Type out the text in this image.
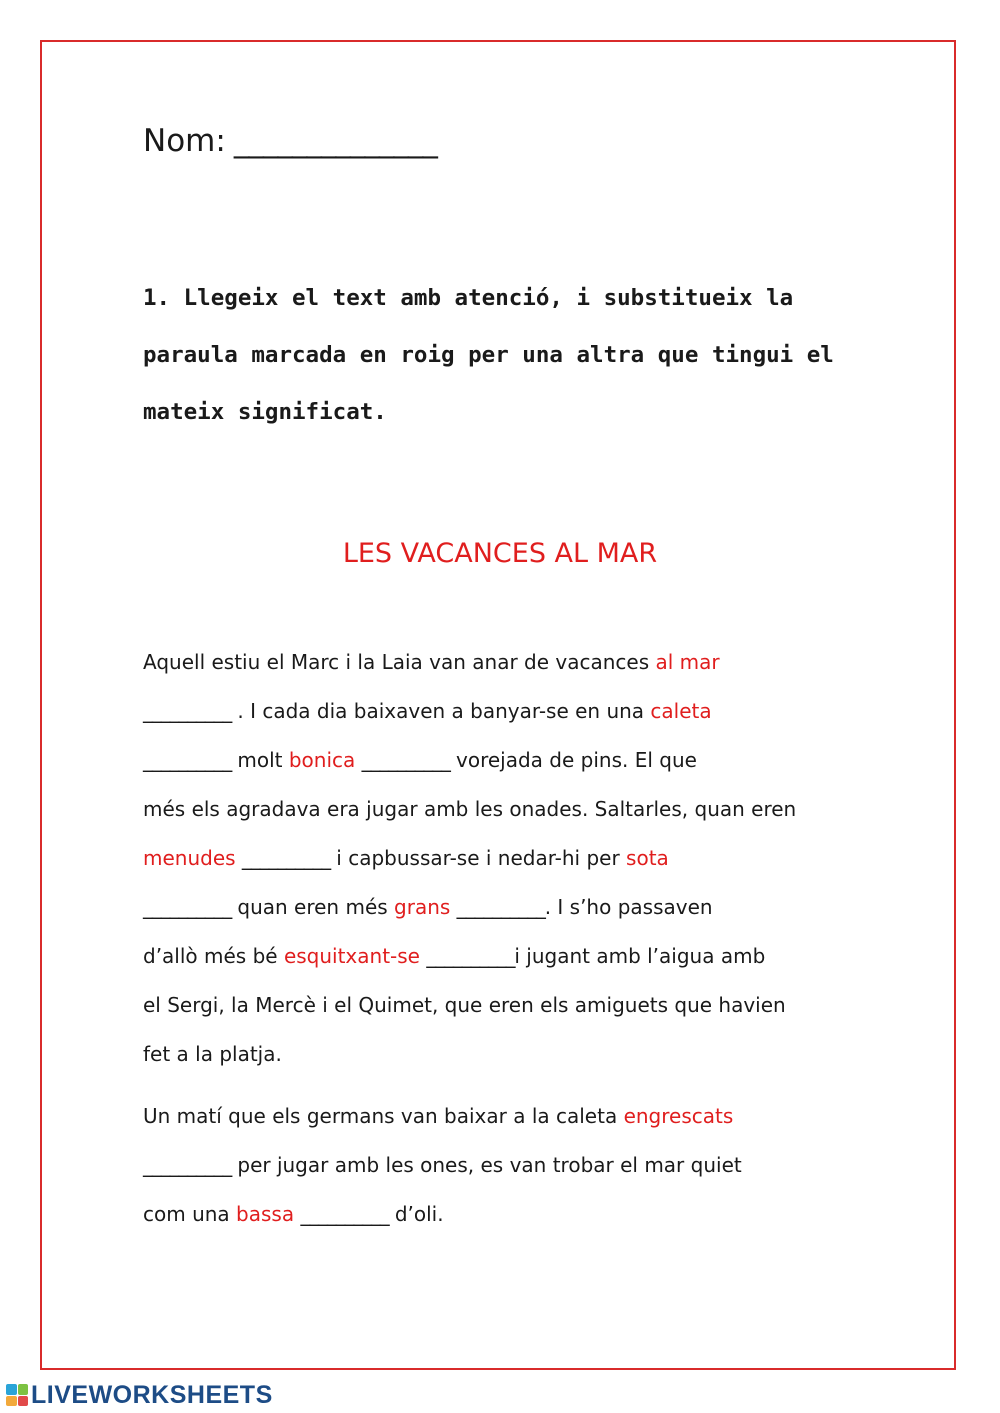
Nom: ______________
1. Llegeix el text amb atenció, i substitueix la
paraula marcada en roig per una altra que tingui el
mateix significat.
LES VACANCES AL MAR
Aquell estiu el Marc i la Laia van anar de vacances al mar
__________ . I cada dia baixaven a banyar-se en una caleta
__________ molt bonica __________ vorejada de pins. El que
més els agradava era jugar amb les onades. Saltarles, quan eren
menudes __________ i capbussar-se i nedar-hi per sota
__________ quan eren més grans __________. I s’ho passaven
d’allò més bé esquitxant-se __________i jugant amb l’aigua amb
el Sergi, la Mercè i el Quimet, que eren els amiguets que havien
fet a la platja.
Un matí que els germans van baixar a la caleta engrescats
__________ per jugar amb les ones, es van trobar el mar quiet
com una bassa __________ d’oli.
LIVEWORKSHEETS
